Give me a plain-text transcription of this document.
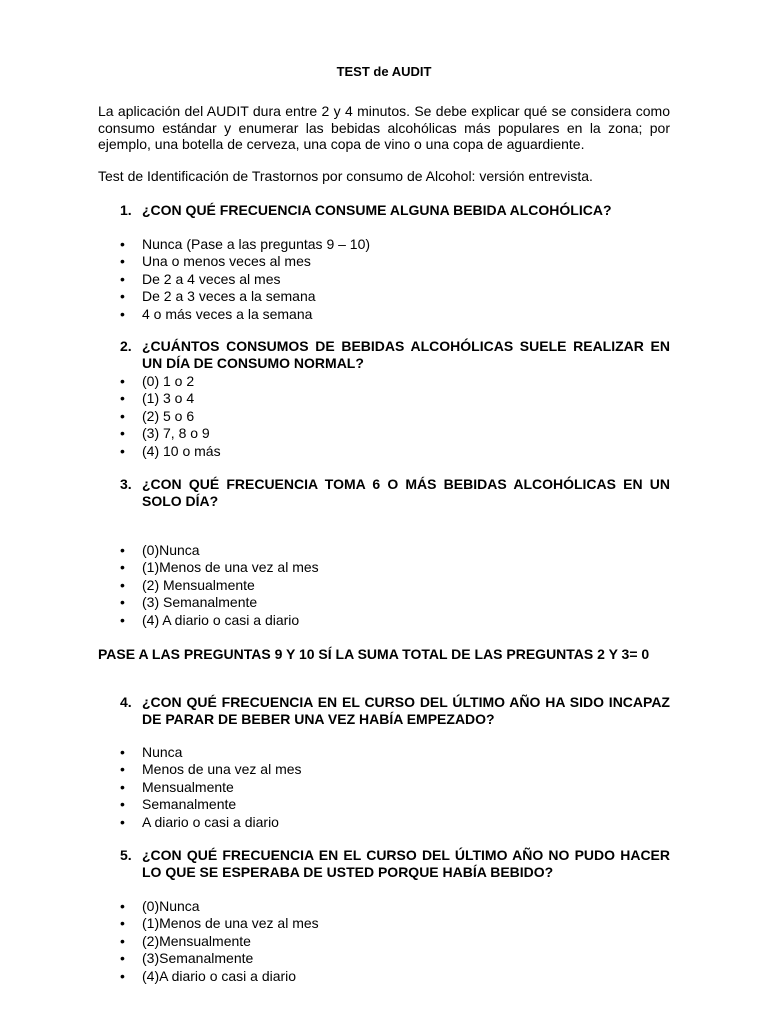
TEST de AUDIT
La aplicación del AUDIT dura entre 2 y 4 minutos. Se debe explicar qué se considera como consumo estándar y enumerar las bebidas alcohólicas más populares en la zona; por ejemplo, una botella de cerveza, una copa de vino o una copa de aguardiente.
Test de Identificación de Trastornos por consumo de Alcohol: versión entrevista.
1. ¿CON QUÉ FRECUENCIA CONSUME ALGUNA BEBIDA ALCOHÓLICA?
• Nunca (Pase a las preguntas 9 – 10)
• Una o menos veces al mes
• De 2 a 4 veces al mes
• De 2 a 3 veces a la semana
• 4 o más veces a la semana
2. ¿CUÁNTOS CONSUMOS DE BEBIDAS ALCOHÓLICAS SUELE REALIZAR EN UN DÍA DE CONSUMO NORMAL?
• (0) 1 o 2
• (1) 3 o 4
• (2) 5 o 6
• (3) 7, 8 o 9
• (4) 10 o más
3. ¿CON QUÉ FRECUENCIA TOMA 6 O MÁS BEBIDAS ALCOHÓLICAS EN UN SOLO DÍA?
• (0)Nunca
• (1)Menos de una vez al mes
• (2) Mensualmente
• (3) Semanalmente
• (4) A diario o casi a diario
PASE A LAS PREGUNTAS 9 Y 10 SÍ LA SUMA TOTAL DE LAS PREGUNTAS 2 Y 3= 0
4. ¿CON QUÉ FRECUENCIA EN EL CURSO DEL ÚLTIMO AÑO HA SIDO INCAPAZ DE PARAR DE BEBER UNA VEZ HABÍA EMPEZADO?
• Nunca
• Menos de una vez al mes
• Mensualmente
• Semanalmente
• A diario o casi a diario
5. ¿CON QUÉ FRECUENCIA EN EL CURSO DEL ÚLTIMO AÑO NO PUDO HACER LO QUE SE ESPERABA DE USTED PORQUE HABÍA BEBIDO?
• (0)Nunca
• (1)Menos de una vez al mes
• (2)Mensualmente
• (3)Semanalmente
• (4)A diario o casi a diario
